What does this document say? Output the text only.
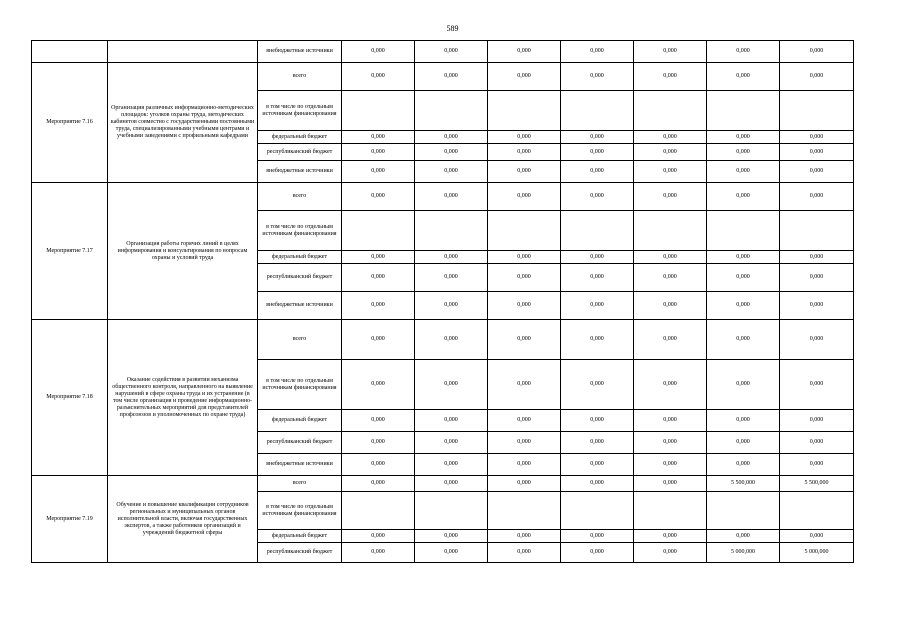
589
		внебюджетные источники	0,000	0,000	0,000	0,000	0,000	0,000	0,000
Мероприятие 7.16	Организация различных информационно-методических площадок: уголков охраны труда, методических кабинетов совместно с государственными постоянными труда, специализированными учебными центрами и учебными заведениями с профильными кафедрами	всего	0,000	0,000	0,000	0,000	0,000	0,000	0,000
		в том числе по отдельным источникам финансирования							
		федеральный бюджет	0,000	0,000	0,000	0,000	0,000	0,000	0,000
		республиканский бюджет	0,000	0,000	0,000	0,000	0,000	0,000	0,000
		внебюджетные источники	0,000	0,000	0,000	0,000	0,000	0,000	0,000
Мероприятие 7.17	Организация работы горячих линий в целях информирования и консультирования по вопросам охраны и условий труда	всего	0,000	0,000	0,000	0,000	0,000	0,000	0,000
		в том числе по отдельным источникам финансирования							
		федеральный бюджет	0,000	0,000	0,000	0,000	0,000	0,000	0,000
		республиканский бюджет	0,000	0,000	0,000	0,000	0,000	0,000	0,000
		внебюджетные источники	0,000	0,000	0,000	0,000	0,000	0,000	0,000
Мероприятие 7.18	Оказание содействия в развитии механизма общественного контроля, направленного на выявление нарушений в сфере охраны труда и их устранение (в том числе организация и проведение информационно-разъяснительных мероприятий для представителей профсоюзов и уполномоченных по охране труда)	всего	0,000	0,000	0,000	0,000	0,000	0,000	0,000
		в том числе по отдельным источникам финансирования	0,000	0,000	0,000	0,000	0,000	0,000	0,000
		федеральный бюджет	0,000	0,000	0,000	0,000	0,000	0,000	0,000
		республиканский бюджет	0,000	0,000	0,000	0,000	0,000	0,000	0,000
		внебюджетные источники	0,000	0,000	0,000	0,000	0,000	0,000	0,000
Мероприятие 7.19	Обучение и повышение квалификации сотрудников региональных и муниципальных органов исполнительной власти, включая государственных экспертов, а также работников организаций и учреждений бюджетной сферы	всего	0,000	0,000	0,000	0,000	0,000	5 500,000	5 500,000
		в том числе по отдельным источникам финансирования							
		федеральный бюджет	0,000	0,000	0,000	0,000	0,000	0,000	0,000
		республиканский бюджет	0,000	0,000	0,000	0,000	0,000	5 000,000	5 000,000
